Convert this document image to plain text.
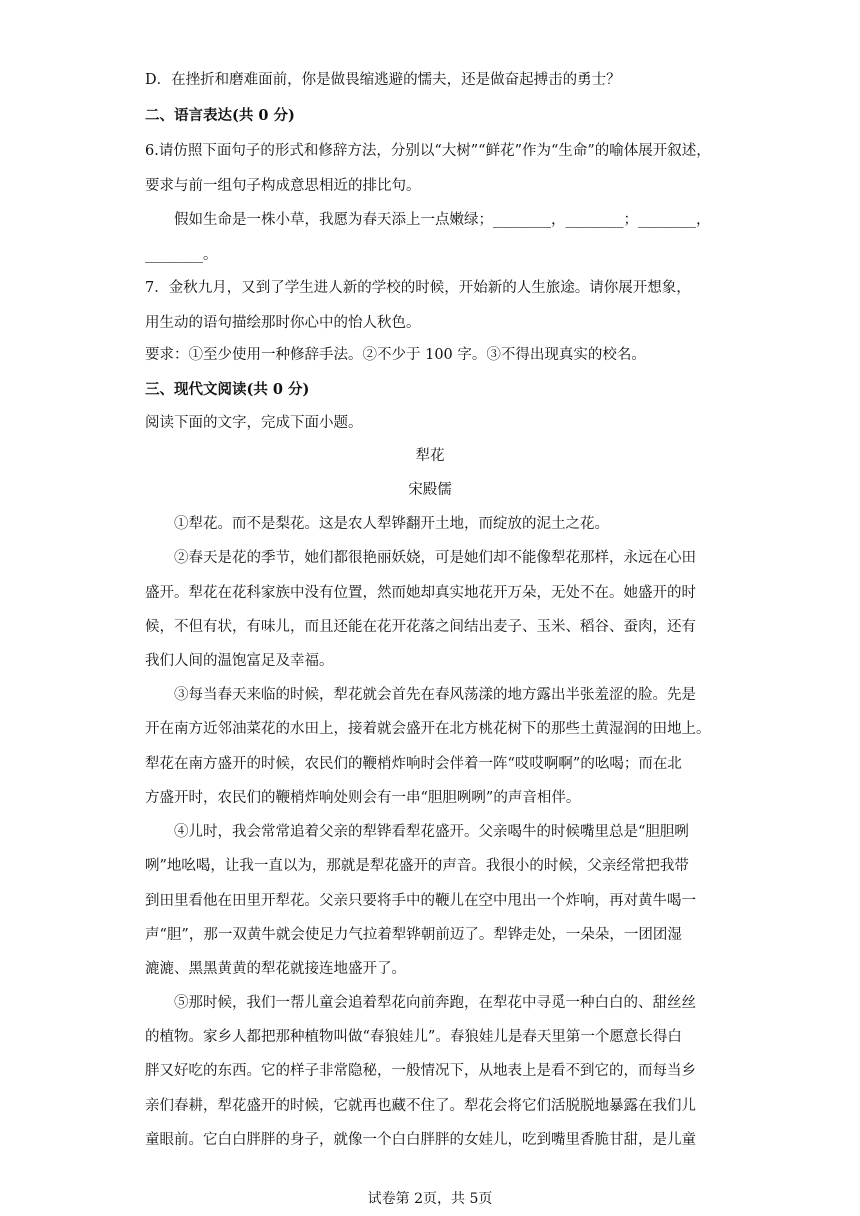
D．在挫折和磨难面前，你是做畏缩逃避的懦夫，还是做奋起搏击的勇士？
二、语言表达(共 0 分)
6.请仿照下面句子的形式和修辞方法，分别以“大树”“鲜花”作为“生命”的喻体展开叙述，
要求与前一组句子构成意思相近的排比句。
假如生命是一株小草，我愿为春天添上一点嫩绿；________，________；________，
________。
7．金秋九月，又到了学生进人新的学校的时候，开始新的人生旅途。请你展开想象，
用生动的语句描绘那时你心中的怡人秋色。
要求：①至少使用一种修辞手法。②不少于 100 字。③不得出现真实的校名。
三、现代文阅读(共 0 分)
阅读下面的文字，完成下面小题。
犁花
宋殿儒
①犁花。而不是梨花。这是农人犁铧翻开土地，而绽放的泥土之花。
②春天是花的季节，她们都很艳丽妖娆，可是她们却不能像犁花那样，永远在心田
盛开。犁花在花科家族中没有位置，然而她却真实地花开万朵，无处不在。她盛开的时
候，不但有状，有味儿，而且还能在花开花落之间结出麦子、玉米、稻谷、蚕肉，还有
我们人间的温饱富足及幸福。
③每当春天来临的时候，犁花就会首先在春风荡漾的地方露出半张羞涩的脸。先是
开在南方近邻油菜花的水田上，接着就会盛开在北方桃花树下的那些土黄湿润的田地上。
犁花在南方盛开的时候，农民们的鞭梢炸响时会伴着一阵“哎哎啊啊”的吆喝；而在北
方盛开时，农民们的鞭梢炸响处则会有一串“胆胆咧咧”的声音相伴。
④儿时，我会常常追着父亲的犁铧看犁花盛开。父亲喝牛的时候嘴里总是“胆胆咧
咧”地吆喝，让我一直以为，那就是犁花盛开的声音。我很小的时候，父亲经常把我带
到田里看他在田里开犁花。父亲只要将手中的鞭儿在空中甩出一个炸响，再对黄牛喝一
声“胆”，那一双黄牛就会使足力气拉着犁铧朝前迈了。犁铧走处，一朵朵，一团团湿
漉漉、黑黑黄黄的犁花就接连地盛开了。
⑤那时候，我们一帮儿童会追着犁花向前奔跑，在犁花中寻觅一种白白的、甜丝丝
的植物。家乡人都把那种植物叫做“春狼娃儿”。春狼娃儿是春天里第一个愿意长得白
胖又好吃的东西。它的样子非常隐秘，一般情况下，从地表上是看不到它的，而每当乡
亲们春耕，犁花盛开的时候，它就再也藏不住了。犁花会将它们活脱脱地暴露在我们儿
童眼前。它白白胖胖的身子，就像一个白白胖胖的女娃儿，吃到嘴里香脆甘甜，是儿童
试卷第 2页，共 5页
